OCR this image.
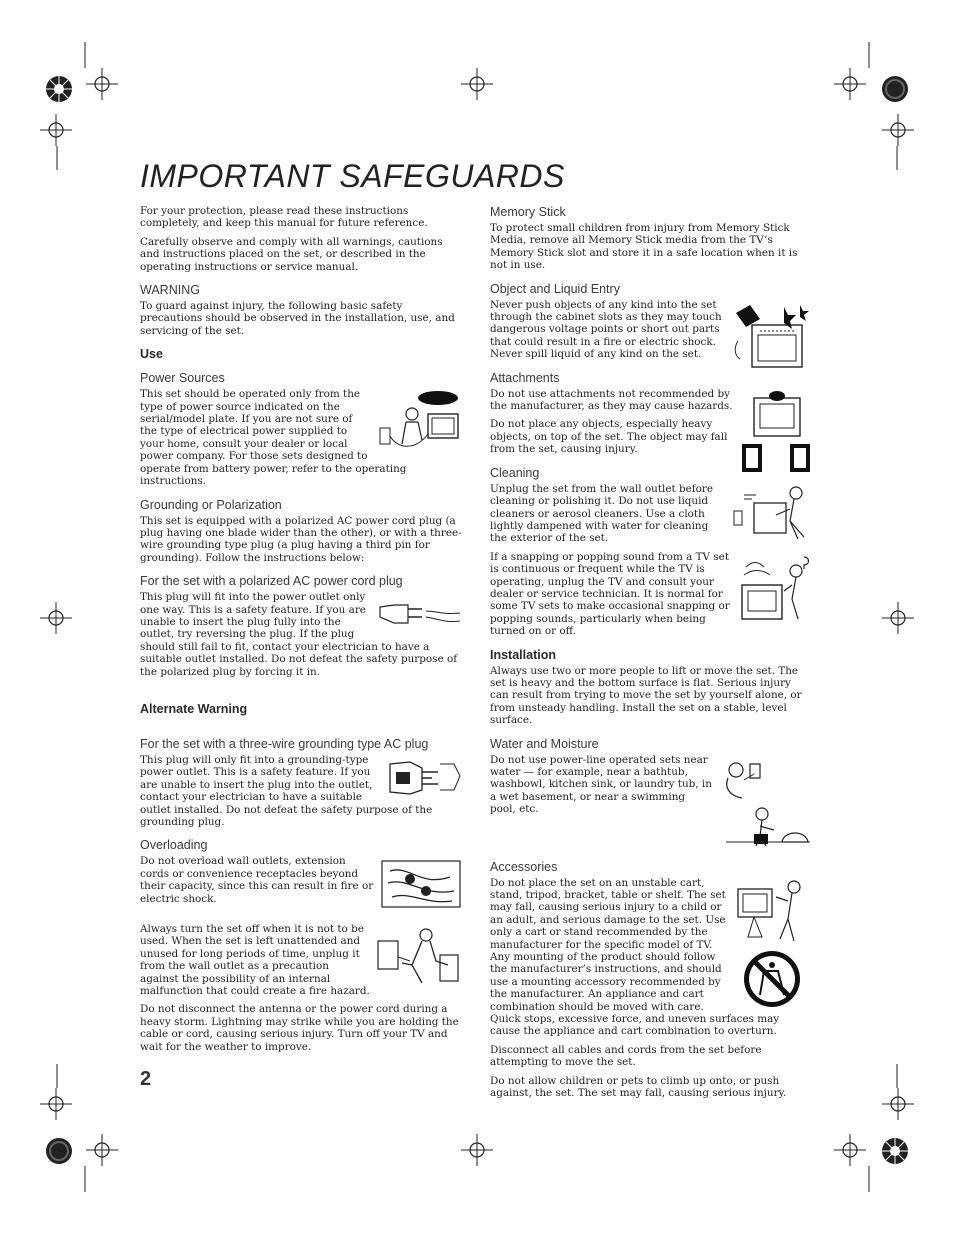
IMPORTANT SAFEGUARDS

For your protection, please read these instructions completely, and keep this manual for future reference.

Carefully observe and comply with all warnings, cautions and instructions placed on the set, or described in the operating instructions or service manual.

WARNING

To guard against injury, the following basic safety precautions should be observed in the installation, use, and servicing of the set.

Use
Power Sources

This set should be operated only from the type of power source indicated on the serial/model plate. If you are not sure of the type of electrical power supplied to your home, consult your dealer or local power company. For those sets designed to operate from battery power, refer to the operating instructions.

Grounding or Polarization

This set is equipped with a polarized AC power cord plug (a plug having one blade wider than the other), or with a three-wire grounding type plug (a plug having a third pin for grounding). Follow the instructions below:

For the set with a polarized AC power cord plug

This plug will fit into the power outlet only one way. This is a safety feature. If you are unable to insert the plug fully into the outlet, try reversing the plug. If the plug should still fail to fit, contact your electrician to have a suitable outlet installed. Do not defeat the safety purpose of the polarized plug by forcing it in.

Alternate Warning
For the set with a three-wire grounding type AC plug

This plug will only fit into a grounding-type power outlet. This is a safety feature. If you are unable to insert the plug into the outlet, contact your electrician to have a suitable outlet installed. Do not defeat the safety purpose of the grounding plug.

Overloading

Do not overload wall outlets, extension cords or convenience receptacles beyond their capacity, since this can result in fire or electric shock.

Always turn the set off when it is not to be used. When the set is left unattended and unused for long periods of time, unplug it from the wall outlet as a precaution against the possibility of an internal malfunction that could create a fire hazard.

Do not disconnect the antenna or the power cord during a heavy storm. Lightning may strike while you are holding the cable or cord, causing serious injury. Turn off your TV and wait for the weather to improve.

Memory Stick

To protect small children from injury from Memory Stick Media, remove all Memory Stick media from the TV’s Memory Stick slot and store it in a safe location when it is not in use.

Object and Liquid Entry

Never push objects of any kind into the set through the cabinet slots as they may touch dangerous voltage points or short out parts that could result in a fire or electric shock. Never spill liquid of any kind on the set.

Attachments

Do not use attachments not recommended by the manufacturer, as they may cause hazards.

Do not place any objects, especially heavy objects, on top of the set. The object may fall from the set, causing injury.

Cleaning

Unplug the set from the wall outlet before cleaning or polishing it. Do not use liquid cleaners or aerosol cleaners. Use a cloth lightly dampened with water for cleaning the exterior of the set.

If a snapping or popping sound from a TV set is continuous or frequent while the TV is operating, unplug the TV and consult your dealer or service technician. It is normal for some TV sets to make occasional snapping or popping sounds, particularly when being turned on or off.

Installation

Always use two or more people to lift or move the set. The set is heavy and the bottom surface is flat. Serious injury can result from trying to move the set by yourself alone, or from unsteady handling. Install the set on a stable, level surface.

Water and Moisture

Do not use power-line operated sets near water — for example, near a bathtub, washbowl, kitchen sink, or laundry tub, in a wet basement, or near a swimming pool, etc.

Accessories

Do not place the set on an unstable cart, stand, tripod, bracket, table or shelf. The set may fall, causing serious injury to a child or an adult, and serious damage to the set. Use only a cart or stand recommended by the manufacturer for the specific model of TV. Any mounting of the product should follow the manufacturer’s instructions, and should use a mounting accessory recommended by the manufacturer. An appliance and cart combination should be moved with care. Quick stops, excessive force, and uneven surfaces may cause the appliance and cart combination to overturn.

Disconnect all cables and cords from the set before attempting to move the set.

Do not allow children or pets to climb up onto, or push against, the set. The set may fall, causing serious injury.

2
